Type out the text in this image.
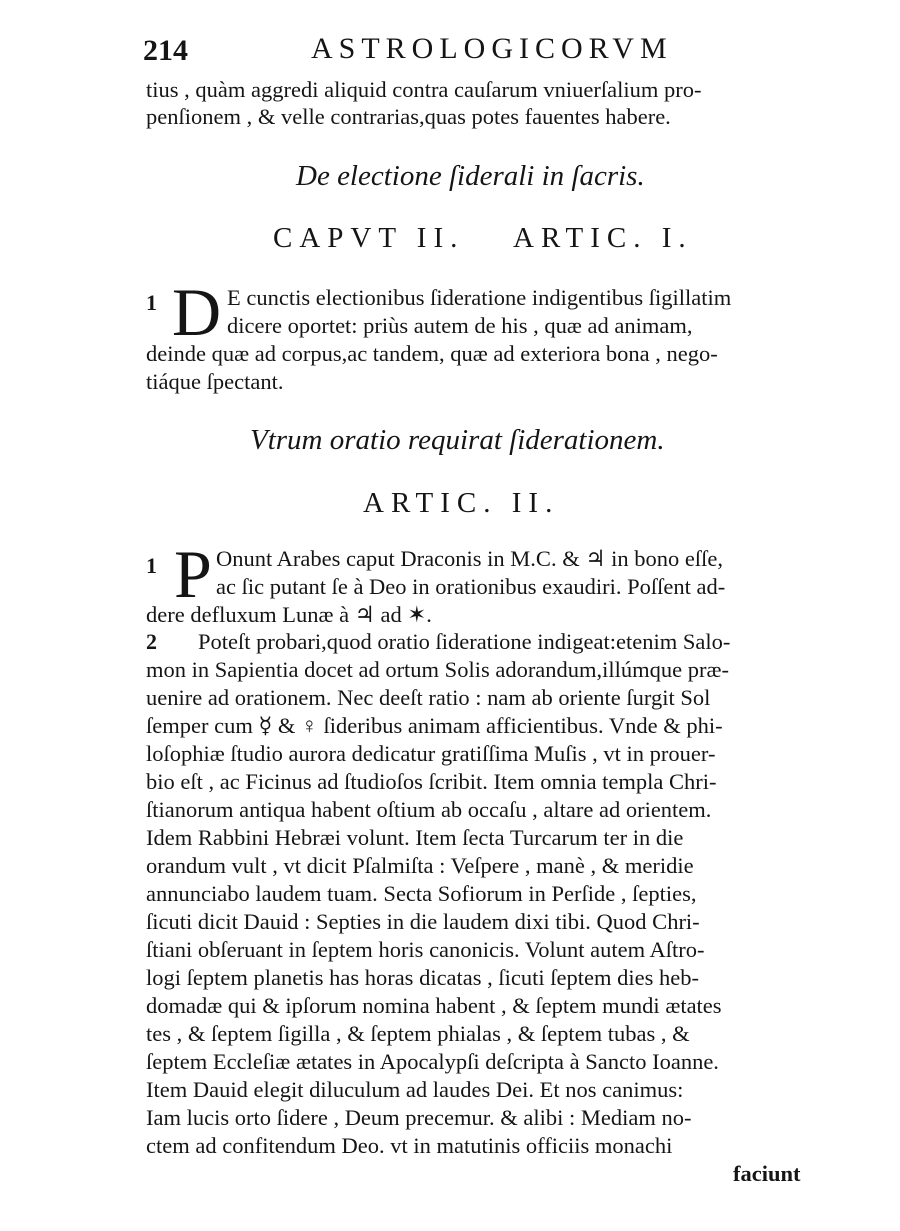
214	ASTROLOGICORVM
tius , quàm aggredi aliquid contra cauſarum vniuerſalium pro-
penſionem , & velle contrarias,quas potes fauentes habere.
De electione ſiderali in ſacris.
CAPVT II. ARTIC. I.
1 D E cunctis electionibus ſideratione indigentibus ſigillatim
dicere oportet: priùs autem de his , quæ ad animam,
deinde quæ ad corpus,ac tandem, quæ ad exteriora bona , nego-
tiáque ſpectant.
Vtrum oratio requirat ſiderationem.
ARTIC. II.
1 P Onunt Arabes caput Draconis in M.C. & ♃ in bono eſſe,
ac ſic putant ſe à Deo in orationibus exaudiri. Poſſent ad-
dere defluxum Lunæ à ♃ ad ✶.
2 Poteſt probari,quod oratio ſideratione indigeat:etenim Salo-
mon in Sapientia docet ad ortum Solis adorandum,illúmque præ-
uenire ad orationem. Nec deeſt ratio : nam ab oriente ſurgit Sol
ſemper cum ☿ & ♀ ſideribus animam afficientibus. Vnde & phi-
loſophiæ ſtudio aurora dedicatur gratiſſima Muſis , vt in prouer-
bio eſt , ac Ficinus ad ſtudioſos ſcribit. Item omnia templa Chri-
ſtianorum antiqua habent oſtium ab occaſu , altare ad orientem.
Idem Rabbini Hebræi volunt. Item ſecta Turcarum ter in die
orandum vult , vt dicit Pſalmiſta : Veſpere , manè , & meridie
annunciabo laudem tuam. Secta Sofiorum in Perſide , ſepties,
ſicuti dicit Dauid : Septies in die laudem dixi tibi. Quod Chri-
ſtiani obſeruant in ſeptem horis canonicis. Volunt autem Aſtro-
logi ſeptem planetis has horas dicatas , ſicuti ſeptem dies heb-
domadæ qui & ipſorum nomina habent , & ſeptem mundi ætates
tes , & ſeptem ſigilla , & ſeptem phialas , & ſeptem tubas , &
ſeptem Eccleſiæ ætates in Apocalypſi deſcripta à Sancto Ioanne.
Item Dauid elegit diluculum ad laudes Dei. Et nos canimus:
Iam lucis orto ſidere , Deum precemur. & alibi : Mediam no-
ctem ad confitendum Deo. vt in matutinis officiis monachi
faciunt
